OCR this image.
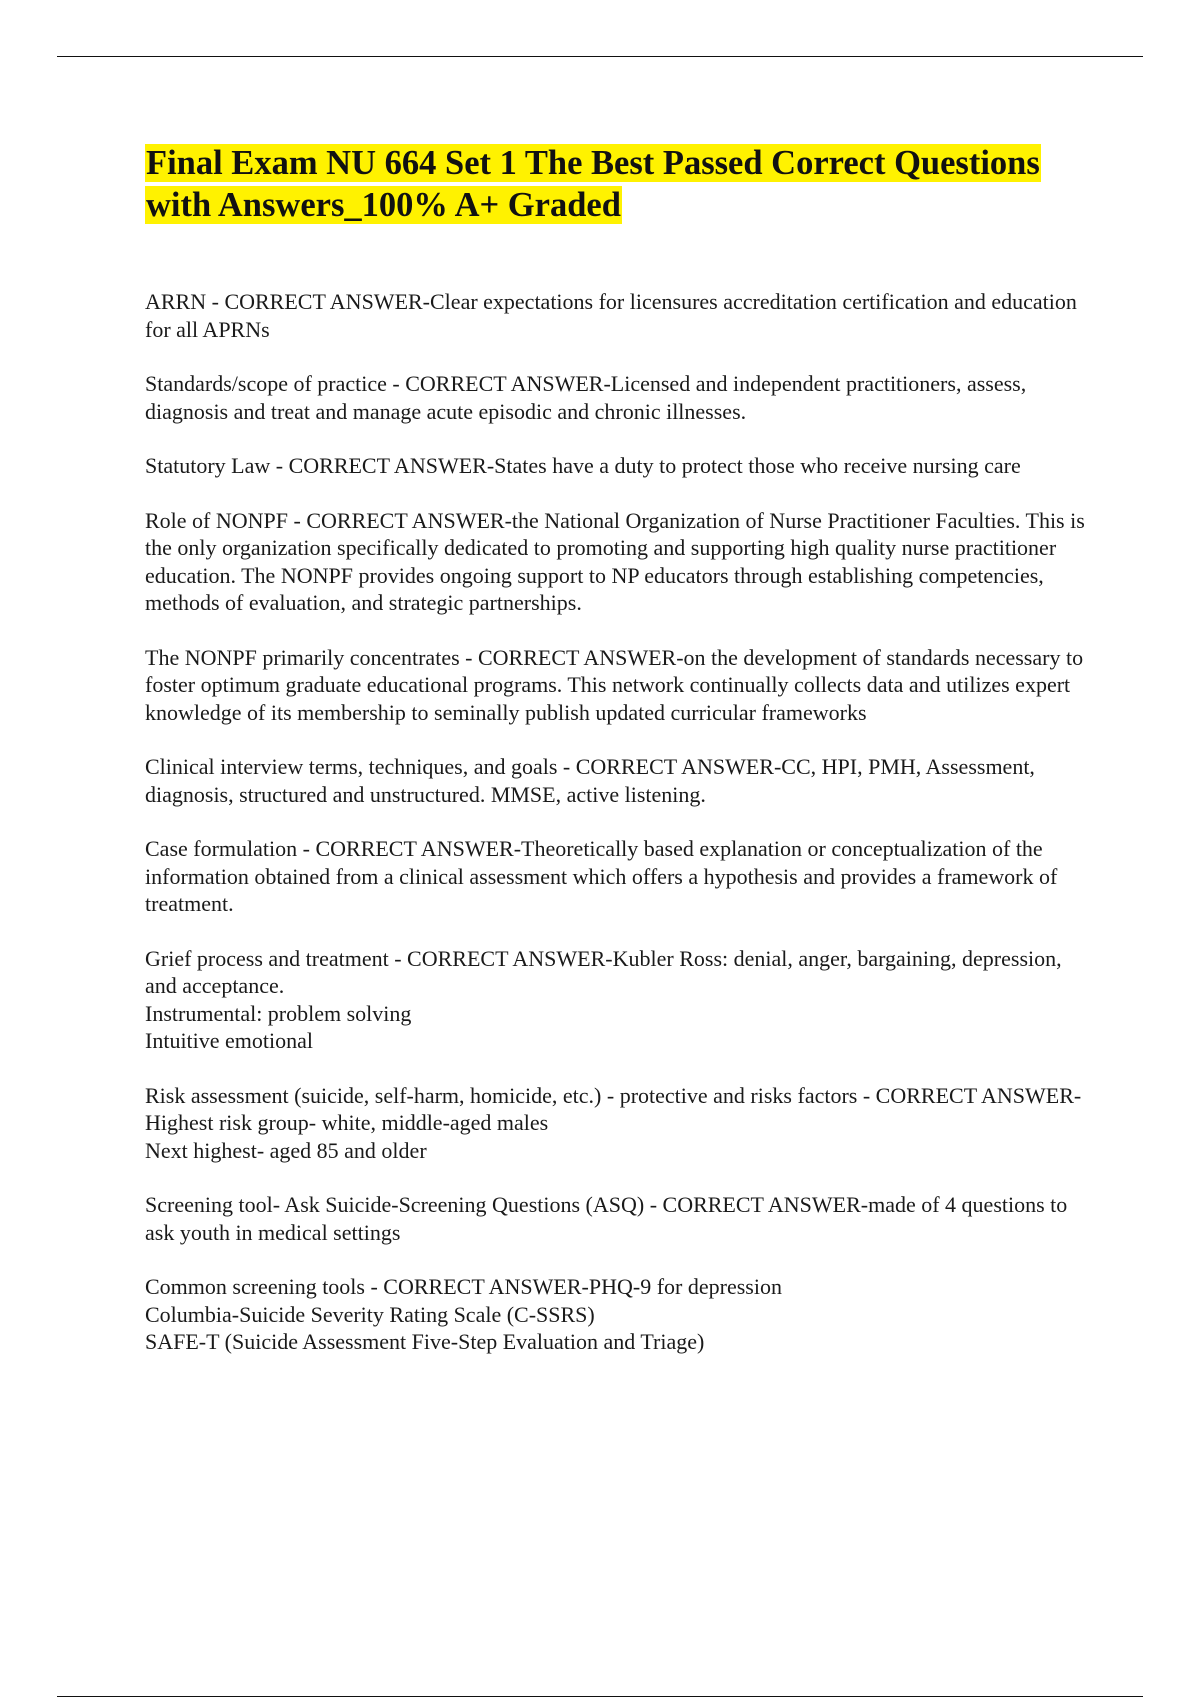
Final Exam NU 664 Set 1 The Best Passed Correct Questions with Answers_100% A+ Graded

ARRN - CORRECT ANSWER-Clear expectations for licensures accreditation certification and education for all APRNs

Standards/scope of practice - CORRECT ANSWER-Licensed and independent practitioners, assess, diagnosis and treat and manage acute episodic and chronic illnesses.

Statutory Law - CORRECT ANSWER-States have a duty to protect those who receive nursing care

Role of NONPF - CORRECT ANSWER-the National Organization of Nurse Practitioner Faculties. This is the only organization specifically dedicated to promoting and supporting high quality nurse practitioner education. The NONPF provides ongoing support to NP educators through establishing competencies, methods of evaluation, and strategic partnerships.

The NONPF primarily concentrates - CORRECT ANSWER-on the development of standards necessary to foster optimum graduate educational programs. This network continually collects data and utilizes expert knowledge of its membership to seminally publish updated curricular frameworks

Clinical interview terms, techniques, and goals - CORRECT ANSWER-CC, HPI, PMH, Assessment, diagnosis, structured and unstructured. MMSE, active listening.

Case formulation - CORRECT ANSWER-Theoretically based explanation or conceptualization of the information obtained from a clinical assessment which offers a hypothesis and provides a framework of treatment.

Grief process and treatment - CORRECT ANSWER-Kubler Ross: denial, anger, bargaining, depression, and acceptance.
Instrumental: problem solving
Intuitive emotional

Risk assessment (suicide, self-harm, homicide, etc.) - protective and risks factors - CORRECT ANSWER-Highest risk group- white, middle-aged males
Next highest- aged 85 and older

Screening tool- Ask Suicide-Screening Questions (ASQ) - CORRECT ANSWER-made of 4 questions to ask youth in medical settings

Common screening tools - CORRECT ANSWER-PHQ-9 for depression
Columbia-Suicide Severity Rating Scale (C-SSRS)
SAFE-T (Suicide Assessment Five-Step Evaluation and Triage)
